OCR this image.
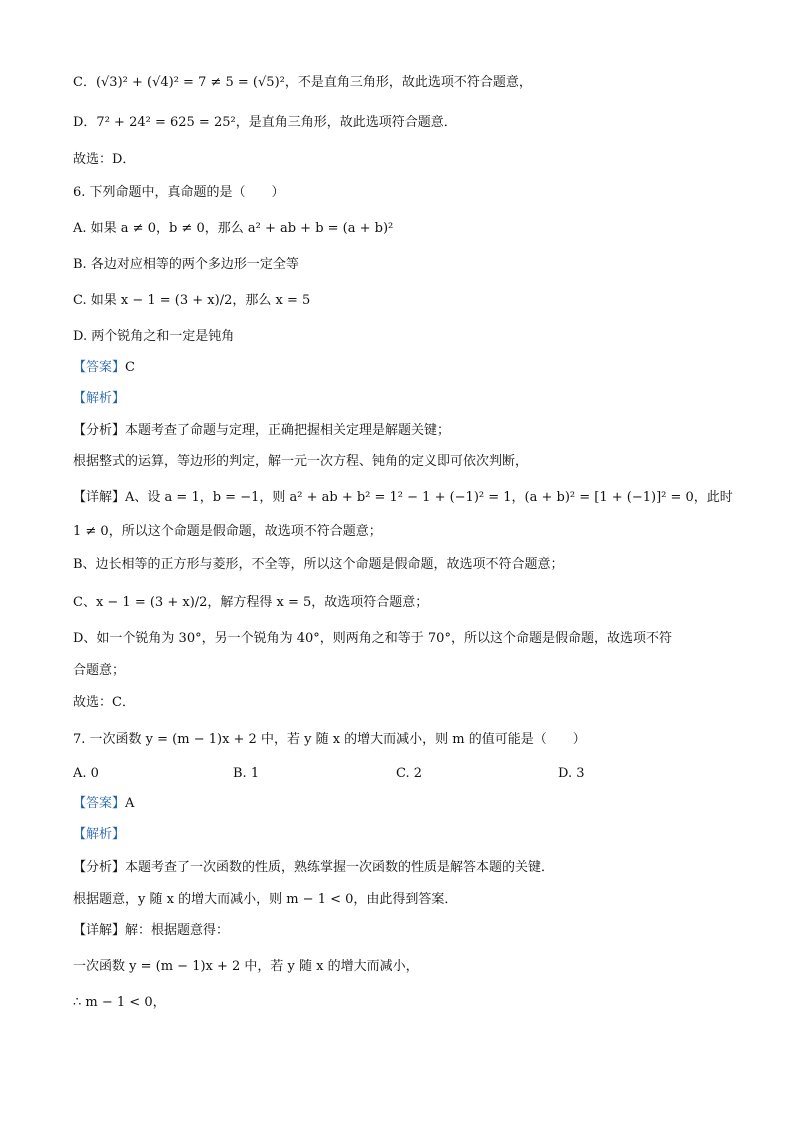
C．(√3)² + (√4)² = 7 ≠ 5 = (√5)²，不是直角三角形，故此选项不符合题意，
D．7² + 24² = 625 = 25²，是直角三角形，故此选项符合题意．
故选：D．
6. 下列命题中，真命题的是（　　）
A. 如果 a ≠ 0，b ≠ 0，那么 a² + ab + b = (a + b)²
B. 各边对应相等的两个多边形一定全等
C. 如果 x − 1 = (3 + x)/2，那么 x = 5
D. 两个锐角之和一定是钝角
【答案】C
【解析】
【分析】本题考查了命题与定理，正确把握相关定理是解题关键；
根据整式的运算，等边形的判定，解一元一次方程、钝角的定义即可依次判断，
【详解】A、设 a = 1，b = −1，则 a² + ab + b² = 1² − 1 + (−1)² = 1，(a + b)² = [1 + (−1)]² = 0，此时
1 ≠ 0，所以这个命题是假命题，故选项不符合题意；
B、边长相等的正方形与菱形，不全等，所以这个命题是假命题，故选项不符合题意；
C、x − 1 = (3 + x)/2，解方程得 x = 5，故选项符合题意；
D、如一个锐角为 30°，另一个锐角为 40°，则两角之和等于 70°，所以这个命题是假命题，故选项不符
合题意；
故选：C．
7. 一次函数 y = (m − 1)x + 2 中，若 y 随 x 的增大而减小，则 m 的值可能是（　　）
A. 0	B. 1	C. 2	D. 3
【答案】A
【解析】
【分析】本题考查了一次函数的性质，熟练掌握一次函数的性质是解答本题的关键．
根据题意，y 随 x 的增大而减小，则 m − 1 < 0，由此得到答案．
【详解】解：根据题意得：
一次函数 y = (m − 1)x + 2 中，若 y 随 x 的增大而减小，
∴ m − 1 < 0，
